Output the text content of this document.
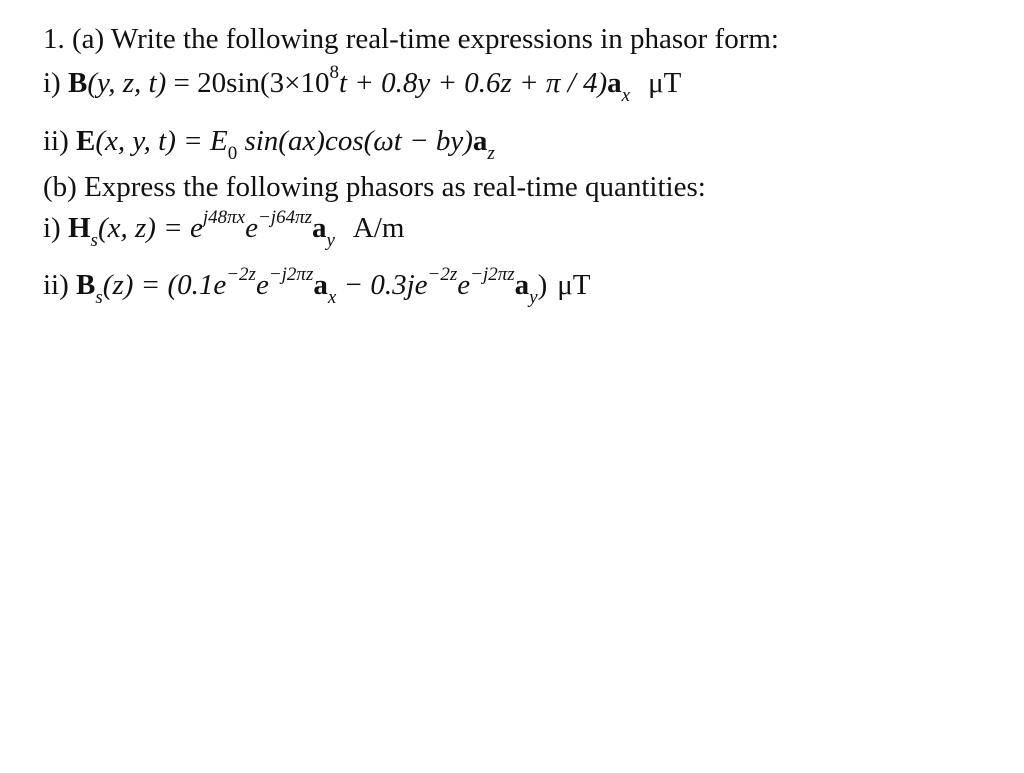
1. (a) Write the following real-time expressions in phasor form:
i) B(y, z, $t) = 20\sin(3\times 10^8t + 0.8y + 0.6z + \pi / 4)a_x$ μT
ii) E(x, y, $t) = E_0$ $\sin(ax)\cos(\omega t - by)a_z$
(b) Express the following phasors as real-time quantities:
i) $H_s(x$, $z) = e^{j48\pi x}e^{-j64\pi z}a_y$ A/m
ii) $B_s(z) = (0.1e^{-2z}e^{-j2\pi z}a_x - 0.3je^{-2z}e^{-j2\pi z}a_y)$ μT
